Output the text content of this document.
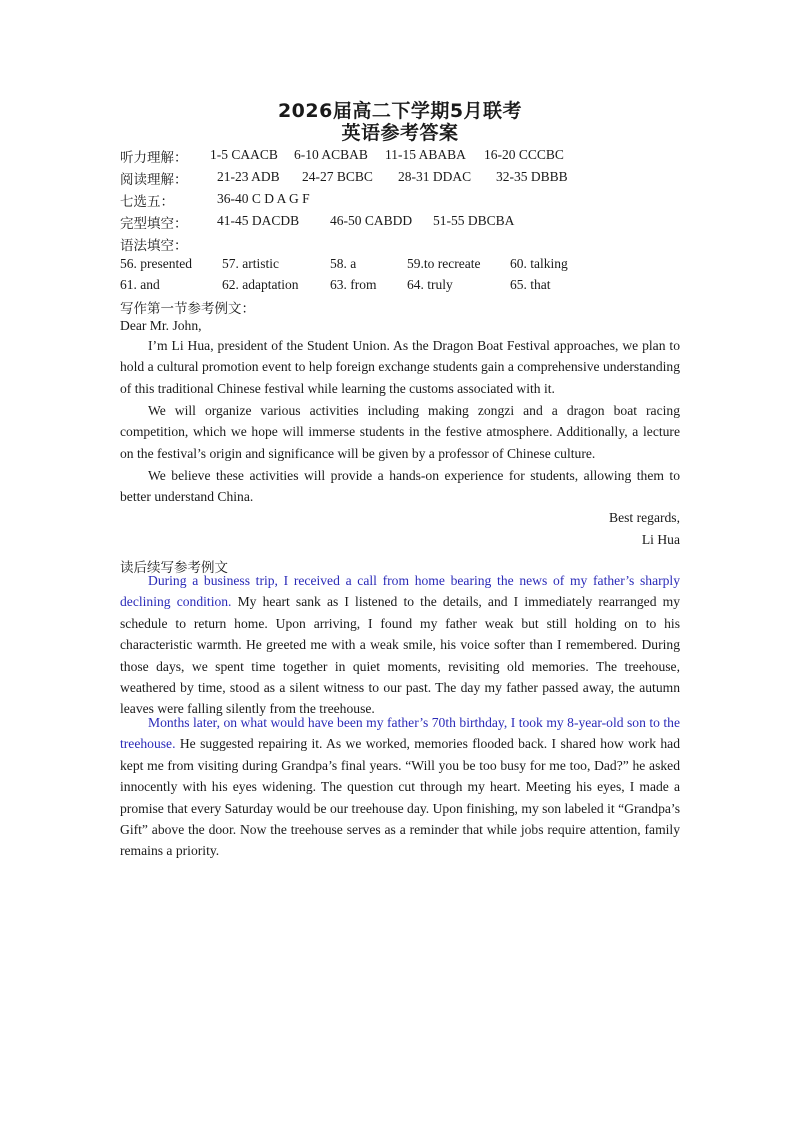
2026届高二下学期5月联考
英语参考答案
听力理解： 1-5 CAACB 6-10 ACBAB 11-15 ABABA 16-20 CCCBC
阅读理解： 21-23 ADB 24-27 BCBC 28-31 DDAC 32-35 DBBB
七选五：	36-40 C D A G F
完型填空： 41-45 DACDB 46-50 CABDD 51-55 DBCBA
语法填空：
56. presented 57. artistic	58. a	59.to recreate 60. talking
61. and	62. adaptation 63. from 64. truly	65. that
写作第一节参考例文：
Dear Mr. John,

I’m Li Hua, president of the Student Union. As the Dragon Boat Festival approaches, we plan to hold a cultural promotion event to help foreign exchange students gain a comprehensive understanding of this traditional Chinese festival while learning the customs associated with it.

We will organize various activities including making zongzi and a dragon boat racing competition, which we hope will immerse students in the festive atmosphere. Additionally, a lecture on the festival’s origin and significance will be given by a professor of Chinese culture.

We believe these activities will provide a hands-on experience for students, allowing them to better understand China.

Best regards,
Li Hua
读后续写参考例文

During a business trip, I received a call from home bearing the news of my father’s sharply declining condition. My heart sank as I listened to the details, and I immediately rearranged my schedule to return home. Upon arriving, I found my father weak but still holding on to his characteristic warmth. He greeted me with a weak smile, his voice softer than I remembered. During those days, we spent time together in quiet moments, revisiting old memories. The treehouse, weathered by time, stood as a silent witness to our past. The day my father passed away, the autumn leaves were falling silently from the treehouse.

Months later, on what would have been my father’s 70th birthday, I took my 8-year-old son to the treehouse. He suggested repairing it. As we worked, memories flooded back. I shared how work had kept me from visiting during Grandpa’s final years. “Will you be too busy for me too, Dad?” he asked innocently with his eyes widening. The question cut through my heart. Meeting his eyes, I made a promise that every Saturday would be our treehouse day. Upon finishing, my son labeled it “Grandpa’s Gift” above the door. Now the treehouse serves as a reminder that while jobs require attention, family remains a priority.
